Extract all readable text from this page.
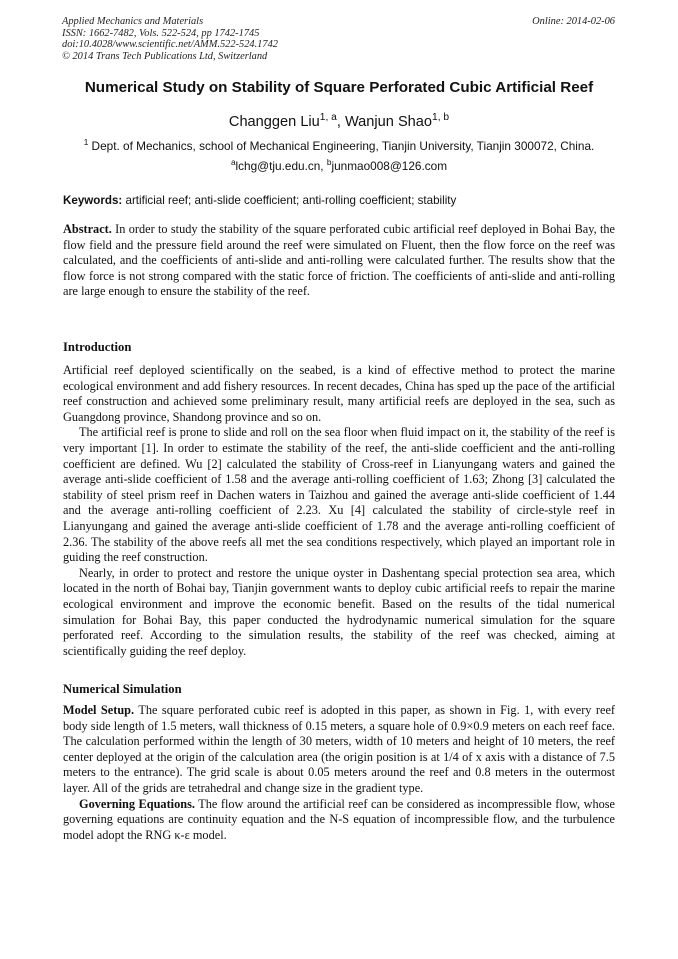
Applied Mechanics and Materials
ISSN: 1662-7482, Vols. 522-524, pp 1742-1745
doi:10.4028/www.scientific.net/AMM.522-524.1742
© 2014 Trans Tech Publications Ltd, Switzerland
Online: 2014-02-06
Numerical Study on Stability of Square Perforated Cubic Artificial Reef
Changgen Liu$^{1, a}$, Wanjun Shao$^{1, b}$
$^1$ Dept. of Mechanics, school of Mechanical Engineering, Tianjin University, Tianjin 300072, China.
$^a$lchg@tju.edu.cn, $^b$junmao008@126.com
Keywords: artificial reef; anti-slide coefficient; anti-rolling coefficient; stability

Abstract. In order to study the stability of the square perforated cubic artificial reef deployed in Bohai Bay, the flow field and the pressure field around the reef were simulated on Fluent, then the flow force on the reef was calculated, and the coefficients of anti-slide and anti-rolling were calculated further. The results show that the flow force is not strong compared with the static force of friction. The coefficients of anti-slide and anti-rolling are large enough to ensure the stability of the reef.

Introduction

Artificial reef deployed scientifically on the seabed, is a kind of effective method to protect the marine ecological environment and add fishery resources. In recent decades, China has sped up the pace of the artificial reef construction and achieved some preliminary result, many artificial reefs are deployed in the sea, such as Guangdong province, Shandong province and so on.

The artificial reef is prone to slide and roll on the sea floor when fluid impact on it, the stability of the reef is very important [1]. In order to estimate the stability of the reef, the anti-slide coefficient and the anti-rolling coefficient are defined. Wu [2] calculated the stability of Cross-reef in Lianyungang waters and gained the average anti-slide coefficient of 1.58 and the average anti-rolling coefficient of 1.63; Zhong [3] calculated the stability of steel prism reef in Dachen waters in Taizhou and gained the average anti-slide coefficient of 1.44 and the average anti-rolling coefficient of 2.23. Xu [4] calculated the stability of circle-style reef in Lianyungang and gained the average anti-slide coefficient of 1.78 and the average anti-rolling coefficient of 2.36. The stability of the above reefs all met the sea conditions respectively, which played an important role in guiding the reef construction.

Nearly, in order to protect and restore the unique oyster in Dashentang special protection sea area, which located in the north of Bohai bay, Tianjin government wants to deploy cubic artificial reefs to repair the marine ecological environment and improve the economic benefit. Based on the results of the tidal numerical simulation for Bohai Bay, this paper conducted the hydrodynamic numerical simulation for the square perforated reef. According to the simulation results, the stability of the reef was checked, aiming at scientifically guiding the reef deploy.

Numerical Simulation

Model Setup. The square perforated cubic reef is adopted in this paper, as shown in Fig. 1, with every reef body side length of 1.5 meters, wall thickness of 0.15 meters, a square hole of 0.9×0.9 meters on each reef face. The calculation performed within the length of 30 meters, width of 10 meters and height of 10 meters, the reef center deployed at the origin of the calculation area (the origin position is at 1/4 of x axis with a distance of 7.5 meters to the entrance). The grid scale is about 0.05 meters around the reef and 0.8 meters in the outermost layer. All of the grids are tetrahedral and change size in the gradient type.

Governing Equations. The flow around the artificial reef can be considered as incompressible flow, whose governing equations are continuity equation and the N-S equation of incompressible flow, and the turbulence model adopt the RNG κ-ε model.
